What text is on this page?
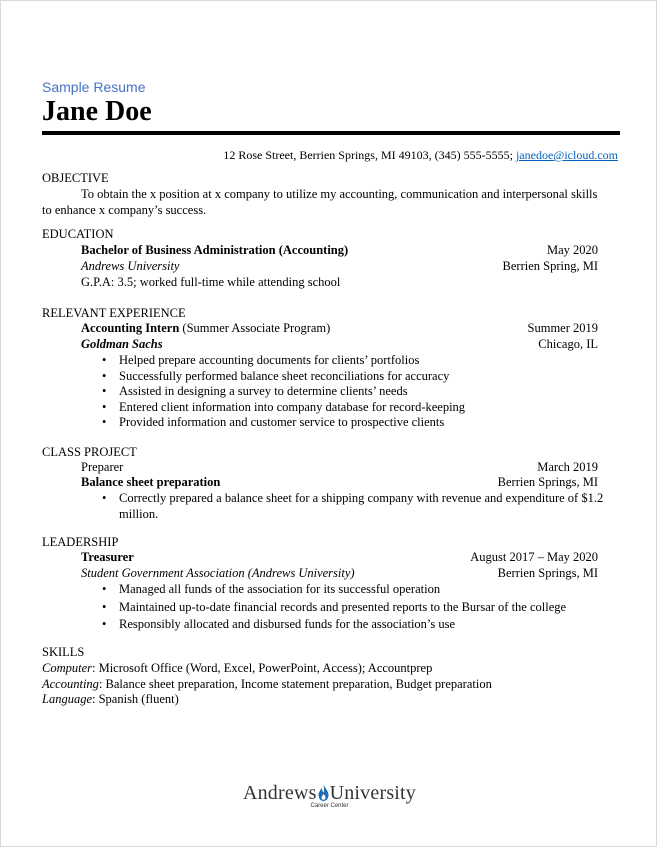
Sample Resume
Jane Doe
12 Rose Street, Berrien Springs, MI 49103, (345) 555-5555; janedoe@icloud.com
OBJECTIVE
To obtain the x position at x company to utilize my accounting, communication and interpersonal skills
to enhance x company’s success.
EDUCATION
Bachelor of Business Administration (Accounting)	May 2020
Andrews University	Berrien Spring, MI
G.P.A: 3.5; worked full-time while attending school
RELEVANT EXPERIENCE
Accounting Intern (Summer Associate Program)	Summer 2019
Goldman Sachs	Chicago, IL
• Helped prepare accounting documents for clients’ portfolios
• Successfully performed balance sheet reconciliations for accuracy
• Assisted in designing a survey to determine clients’ needs
• Entered client information into company database for record-keeping
• Provided information and customer service to prospective clients
CLASS PROJECT
Preparer	March 2019
Balance sheet preparation	Berrien Springs, MI
• Correctly prepared a balance sheet for a shipping company with revenue and expenditure of $1.2
million.
LEADERSHIP
Treasurer	August 2017 – May 2020
Student Government Association (Andrews University)	Berrien Springs, MI
• Managed all funds of the association for its successful operation
• Maintained up-to-date financial records and presented reports to the Bursar of the college
• Responsibly allocated and disbursed funds for the association’s use
SKILLS
Computer: Microsoft Office (Word, Excel, PowerPoint, Access); Accountprep
Accounting: Balance sheet preparation, Income statement preparation, Budget preparation
Language: Spanish (fluent)
Andrews University
Career Center
